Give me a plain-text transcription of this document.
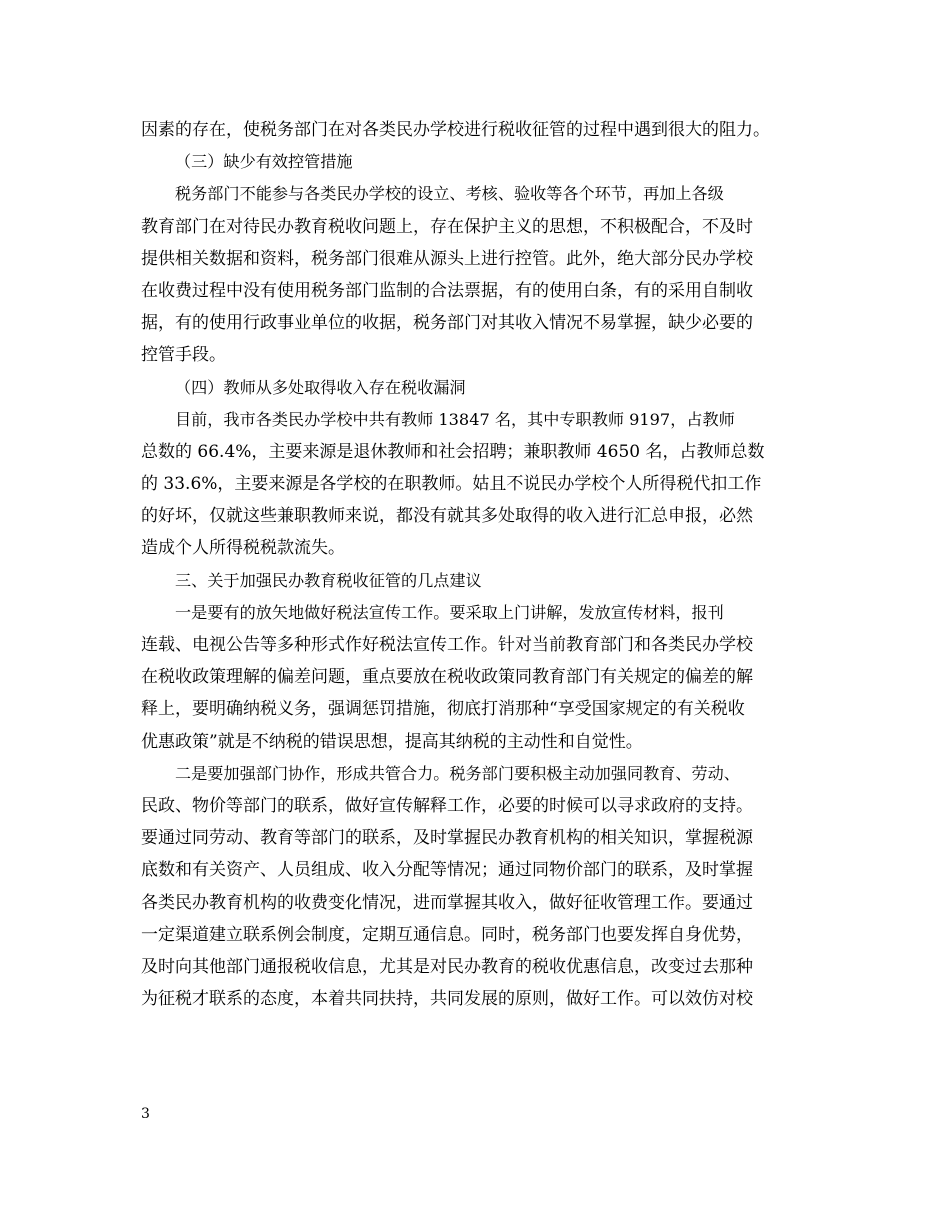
因素的存在，使税务部门在对各类民办学校进行税收征管的过程中遇到很大的阻力。
（三）缺少有效控管措施
税务部门不能参与各类民办学校的设立、考核、验收等各个环节，再加上各级
教育部门在对待民办教育税收问题上，存在保护主义的思想，不积极配合，不及时
提供相关数据和资料，税务部门很难从源头上进行控管。此外，绝大部分民办学校
在收费过程中没有使用税务部门监制的合法票据，有的使用白条，有的采用自制收
据，有的使用行政事业单位的收据，税务部门对其收入情况不易掌握，缺少必要的
控管手段。
（四）教师从多处取得收入存在税收漏洞
目前，我市各类民办学校中共有教师 13847 名，其中专职教师 9197，占教师
总数的 66.4%，主要来源是退休教师和社会招聘；兼职教师 4650 名，占教师总数
的 33.6%，主要来源是各学校的在职教师。姑且不说民办学校个人所得税代扣工作
的好坏，仅就这些兼职教师来说，都没有就其多处取得的收入进行汇总申报，必然
造成个人所得税税款流失。
三、关于加强民办教育税收征管的几点建议
一是要有的放矢地做好税法宣传工作。要采取上门讲解，发放宣传材料，报刊
连载、电视公告等多种形式作好税法宣传工作。针对当前教育部门和各类民办学校
在税收政策理解的偏差问题，重点要放在税收政策同教育部门有关规定的偏差的解
释上，要明确纳税义务，强调惩罚措施，彻底打消那种“享受国家规定的有关税收
优惠政策”就是不纳税的错误思想，提高其纳税的主动性和自觉性。
二是要加强部门协作，形成共管合力。税务部门要积极主动加强同教育、劳动、
民政、物价等部门的联系，做好宣传解释工作，必要的时候可以寻求政府的支持。
要通过同劳动、教育等部门的联系，及时掌握民办教育机构的相关知识，掌握税源
底数和有关资产、人员组成、收入分配等情况；通过同物价部门的联系，及时掌握
各类民办教育机构的收费变化情况，进而掌握其收入，做好征收管理工作。要通过
一定渠道建立联系例会制度，定期互通信息。同时，税务部门也要发挥自身优势，
及时向其他部门通报税收信息，尤其是对民办教育的税收优惠信息，改变过去那种
为征税才联系的态度，本着共同扶持，共同发展的原则，做好工作。可以效仿对校
3
